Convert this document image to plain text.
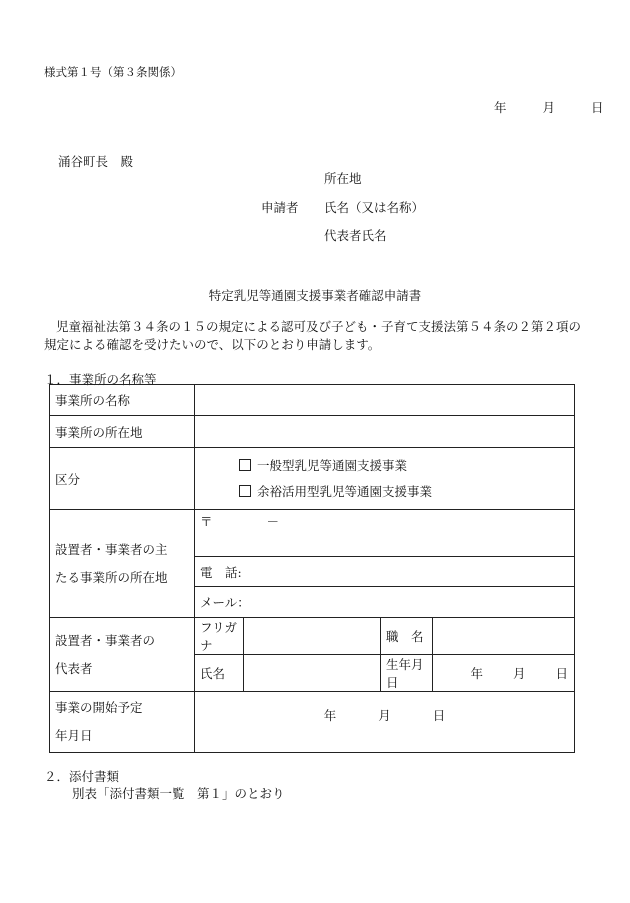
様式第１号（第３条関係）
年	月	日
涌谷町長　殿
所在地
申請者 氏名（又は名称）
代表者氏名
特定乳児等通園支援事業者確認申請書
児童福祉法第３４条の１５の規定による認可及び子ども・子育て支援法第５４条の２第２項の規定による確認を受けたいので、以下のとおり申請します。
１．事業所の名称等
事業所の名称				
事業所の所在地				
区分	一般型乳児等通園支援事業
余裕活用型乳児等通園支援事業			

設置者・事業者の主
たる事業所の所在地	〒 －			
	電　話:			
	メール：			

設置者・事業者の
代表者	フリガナ		職　名	
	氏名		生年月日	年 月 日

事業の開始予定
年月日	年 月 日			
２．添付書類
別表「添付書類一覧　第１」のとおり
